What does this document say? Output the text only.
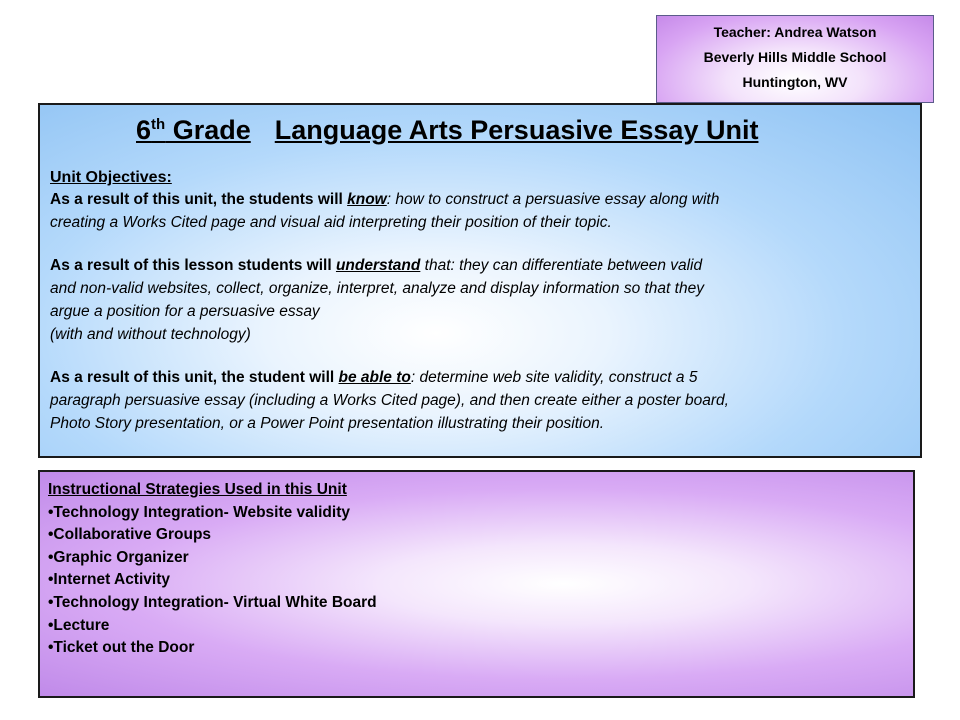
Teacher: Andrea Watson
Beverly Hills Middle School
Huntington, WV
6th Grade Language Arts Persuasive Essay Unit
Unit Objectives:
As a result of this unit, the students will know: how to construct a persuasive essay along with
creating a Works Cited page and visual aid interpreting their position of their topic.
As a result of this lesson students will understand that: they can differentiate between valid
and non-valid websites, collect, organize, interpret, analyze and display information so that they
argue a position for a persuasive essay
(with and without technology)
As a result of this unit, the student will be able to: determine web site validity, construct a 5
paragraph persuasive essay (including a Works Cited page), and then create either a poster board,
Photo Story presentation, or a Power Point presentation illustrating their position.
Instructional Strategies Used in this Unit
•Technology Integration- Website validity
•Collaborative Groups
•Graphic Organizer
•Internet Activity
•Technology Integration- Virtual White Board
•Lecture
•Ticket out the Door
